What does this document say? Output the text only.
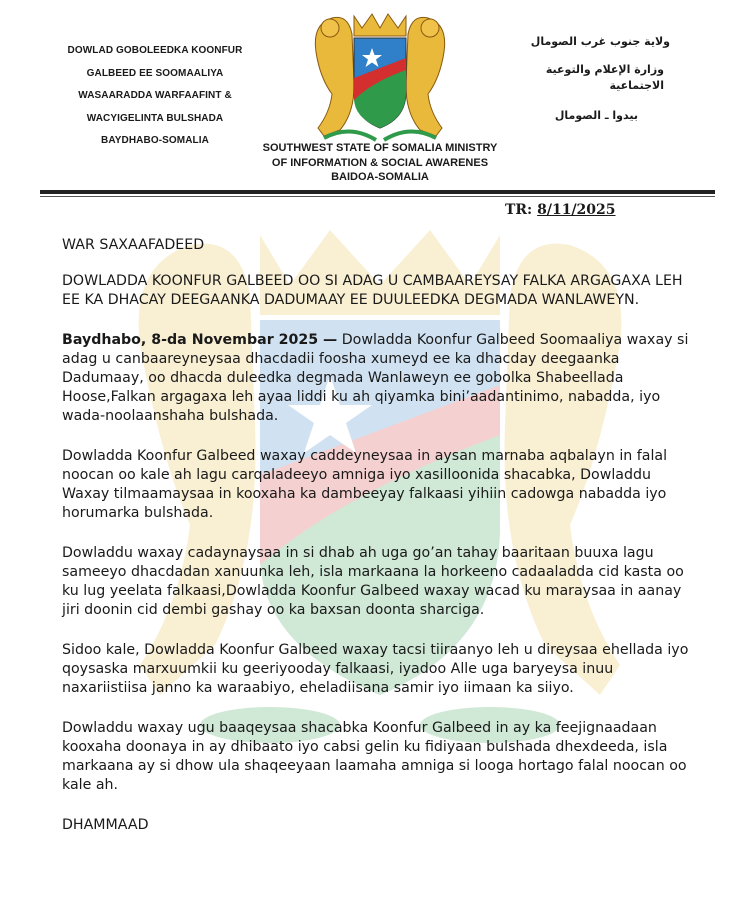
DOWLAD GOBOLEEDKA KOONFUR
GALBEED EE SOOMAALIYA
WASAARADDA WARFAAFINT &
WACYIGELINTA BULSHADA
BAYDHABO-SOMALIA
ولاية جنوب غرب الصومال
وزارة الإعلام والتوعية الاجتماعية
بيدوا ـ الصومال
SOUTHWEST STATE OF SOMALIA MINISTRY
OF INFORMATION & SOCIAL AWARENES
BAIDOA-SOMALIA
TR: 8/11/2025

WAR SAXAAFADEED

DOWLADDA KOONFUR GALBEED OO SI ADAG U CAMBAAREYSAY FALKA ARGAGAXA LEH EE KA DHACAY DEEGAANKA DADUMAAY EE DUULEEDKA DEGMADA WANLAWEYN.

Baydhabo, 8-da Novembar 2025 — Dowladda Koonfur Galbeed Soomaaliya waxay si adag u canbaareyneysaa dhacdadii foosha xumeyd ee ka dhacday deegaanka Dadumaay, oo dhacda duleedka degmada Wanlaweyn ee gobolka Shabeellada Hoose,Falkan argagaxa leh ayaa liddi ku ah qiyamka bini’aadantinimo, nabadda, iyo wada-noolaanshaha bulshada.

Dowladda Koonfur Galbeed waxay caddeyneysaa in aysan marnaba aqbalayn in falal noocan oo kale ah lagu carqaladeeyo amniga iyo xasilloonida shacabka, Dowladdu Waxay tilmaamaysaa in kooxaha ka dambeeyay falkaasi yihiin cadowga nabadda iyo horumarka bulshada.

Dowladdu waxay cadaynaysaa in si dhab ah uga go’an tahay baaritaan buuxa lagu sameeyo dhacdadan xanuunka leh, isla markaana la horkeeno cadaaladda cid kasta oo ku lug yeelata falkaasi,Dowladda Koonfur Galbeed waxay wacad ku maraysaa in aanay jiri doonin cid dembi gashay oo ka baxsan doonta sharciga.

Sidoo kale, Dowladda Koonfur Galbeed waxay tacsi tiiraanyo leh u direysaa ehellada iyo qoysaska marxuumkii ku geeriyooday falkaasi, iyadoo Alle uga baryeysa inuu naxariistiisa janno ka waraabiyo, eheladiisana samir iyo iimaan ka siiyo.

Dowladdu waxay ugu baaqeysaa shacabka Koonfur Galbeed in ay ka feejignaadaan kooxaha doonaya in ay dhibaato iyo cabsi gelin ku fidiyaan bulshada dhexdeeda, isla markaana ay si dhow ula shaqeeyaan laamaha amniga si looga hortago falal noocan oo kale ah.

DHAMMAAD
